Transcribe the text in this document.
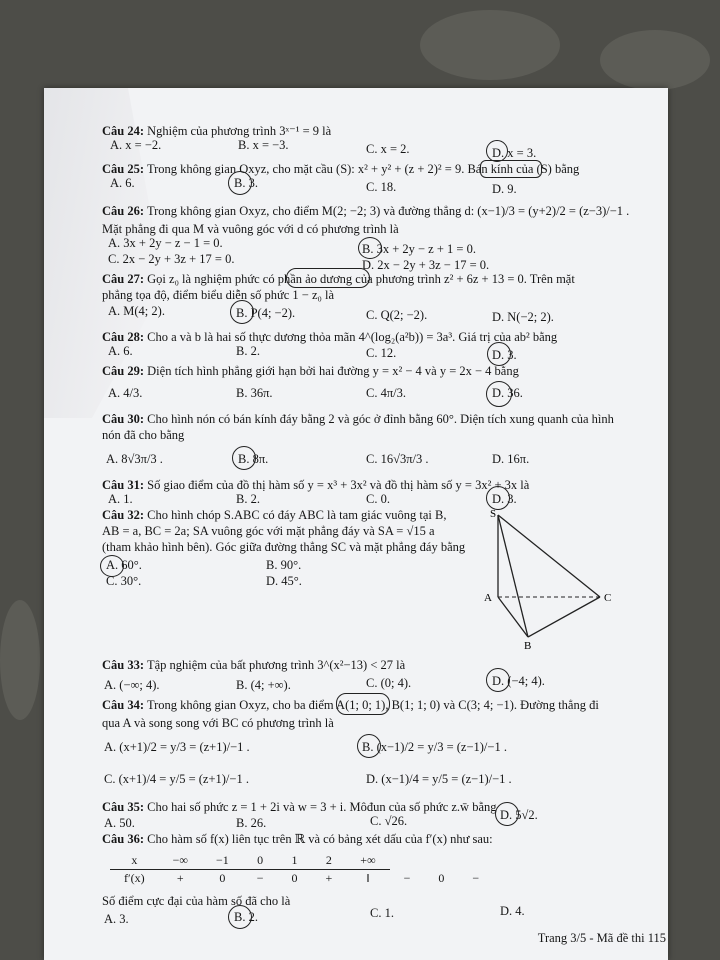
Câu 24: Nghiệm của phương trình 3ˣ⁻¹ = 9 là
A. x = −2.	B. x = −3.	C. x = 2.	D. x = 3.
Câu 25: Trong không gian Oxyz, cho mặt cầu (S): x² + y² + (z + 2)² = 9. Bán kính của (S) bằng
A. 6.	B. 3.	C. 18.	D. 9.
Câu 26: Trong không gian Oxyz, cho điểm M(2; −2; 3) và đường thẳng d: (x−1)/3 = (y+2)/2 = (z−3)/−1 .
Mặt phẳng đi qua M và vuông góc với d có phương trình là
A. 3x + 2y − z − 1 = 0.	B. 3x + 2y − z + 1 = 0.
C. 2x − 2y + 3z + 17 = 0.	D. 2x − 2y + 3z − 17 = 0.
Câu 27: Gọi z₀ là nghiệm phức có phần ảo dương của phương trình z² + 6z + 13 = 0. Trên mặt
phẳng tọa độ, điểm biểu diễn số phức 1 − z₀ là
A. M(4; 2).	B. P(4; −2).	C. Q(2; −2).	D. N(−2; 2).
Câu 28: Cho a và b là hai số thực dương thỏa mãn 4^(log₂(a²b)) = 3a³. Giá trị của ab² bằng
A. 6.	B. 2.	C. 12.	D. 3.
Câu 29: Diện tích hình phẳng giới hạn bởi hai đường y = x² − 4 và y = 2x − 4 bằng
A. 4/3.	B. 36π.	C. 4π/3.	D. 36.
Câu 30: Cho hình nón có bán kính đáy bằng 2 và góc ở đỉnh bằng 60°. Diện tích xung quanh của hình
nón đã cho bằng
A. 8√3π/3 .	B. 8π.	C. 16√3π/3 .	D. 16π.
Câu 31: Số giao điểm của đồ thị hàm số y = x³ + 3x² và đồ thị hàm số y = 3x² + 3x là
A. 1.	B. 2.	C. 0.	D. 3.
Câu 32: Cho hình chóp S.ABC có đáy ABC là tam giác vuông tại B,
AB = a, BC = 2a; SA vuông góc với mặt phẳng đáy và SA = √15 a
(tham khảo hình bên). Góc giữa đường thẳng SC và mặt phẳng đáy bằng
A. 60°.	B. 90°.
C. 30°.	D. 45°.
S
A
B
C
Câu 33: Tập nghiệm của bất phương trình 3^(x²−13) < 27 là
A. (−∞; 4).	B. (4; +∞).	C. (0; 4).	D. (−4; 4).
Câu 34: Trong không gian Oxyz, cho ba điểm A(1; 0; 1), B(1; 1; 0) và C(3; 4; −1). Đường thẳng đi
qua A và song song với BC có phương trình là
A. (x+1)/2 = y/3 = (z+1)/−1 .	B. (x−1)/2 = y/3 = (z−1)/−1 .
C. (x+1)/4 = y/5 = (z+1)/−1 .	D. (x−1)/4 = y/5 = (z−1)/−1 .
Câu 35: Cho hai số phức z = 1 + 2i và w = 3 + i. Môđun của số phức z.w̄ bằng
A. 50.	B. 26.	C. √26.	D. 5√2.
Câu 36: Cho hàm số f(x) liên tục trên ℝ và có bảng xét dấu của f′(x) như sau:
x	−∞	−1	0	1	2	+∞			
f′(x)	+	0	−	0	+	‖	−	0	−
Số điểm cực đại của hàm số đã cho là
A. 3.	B. 2.	C. 1.	D. 4.
Trang 3/5 - Mã đề thi 115
